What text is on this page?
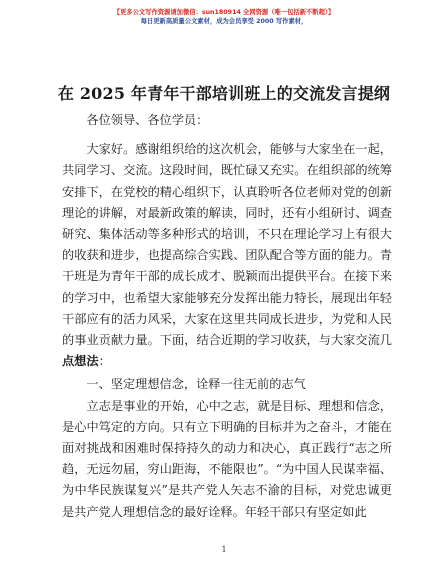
【更多公文写作资源请加微信：sun180914 全网资源（唯一包括新不断超）】
每日更新高质量公文素材，成为会员享受 2000 写作素材，
在 2025 年青年干部培训班上的交流发言提纲

各位领导、各位学员：

大家好。感谢组织给的这次机会，能够与大家坐在一起，共同学习、交流。这段时间，既忙碌又充实。在组织部的统筹安排下，在党校的精心组织下，认真聆听各位老师对党的创新理论的讲解，对最新政策的解读，同时，还有小组研讨、调查研究、集体活动等多种形式的培训，不只在理论学习上有很大的收获和进步，也提高综合实践、团队配合等方面的能力。青干班是为青年干部的成长成才、脱颖而出提供平台。在接下来的学习中，也希望大家能够充分发挥出能力特长，展现出年轻干部应有的活力风采，大家在这里共同成长进步，为党和人民的事业贡献力量。下面，结合近期的学习收获，与大家交流几点想法：

一、坚定理想信念，诠释一往无前的志气

立志是事业的开始，心中之志，就是目标、理想和信念，是心中笃定的方向。只有立下明确的目标并为之奋斗，才能在面对挑战和困难时保持持久的动力和决心，真正践行“志之所趋，无远勿届，穷山距海，不能限也”。“为中国人民谋幸福、为中华民族谋复兴”是共产党人矢志不渝的目标，对党忠诚更是共产党人理想信念的最好诠释。年轻干部只有坚定如此

1
